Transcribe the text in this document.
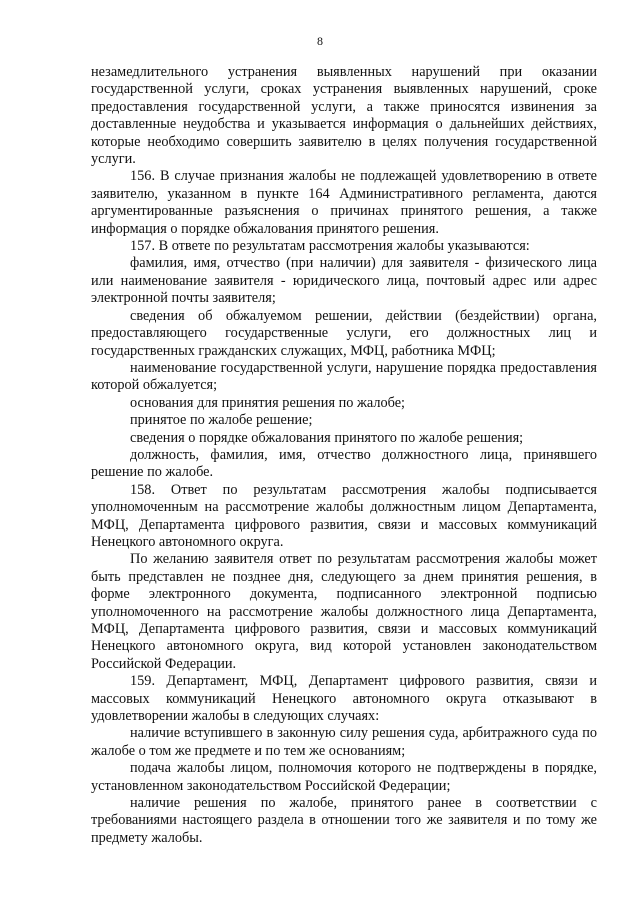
8

незамедлительного устранения выявленных нарушений при оказании государственной услуги, сроках устранения выявленных нарушений, сроке предоставления государственной услуги, а также приносятся извинения за доставленные неудобства и указывается информация о дальнейших действиях, которые необходимо совершить заявителю в целях получения государственной услуги.

156. В случае признания жалобы не подлежащей удовлетворению в ответе заявителю, указанном в пункте 164 Административного регламента, даются аргументированные разъяснения о причинах принятого решения, а также информация о порядке обжалования принятого решения.

157. В ответе по результатам рассмотрения жалобы указываются:

фамилия, имя, отчество (при наличии) для заявителя - физического лица или наименование заявителя - юридического лица, почтовый адрес или адрес электронной почты заявителя;

сведения об обжалуемом решении, действии (бездействии) органа, предоставляющего государственные услуги, его должностных лиц и государственных гражданских служащих, МФЦ, работника МФЦ;

наименование государственной услуги, нарушение порядка предоставления которой обжалуется;

основания для принятия решения по жалобе;

принятое по жалобе решение;

сведения о порядке обжалования принятого по жалобе решения;

должность, фамилия, имя, отчество должностного лица, принявшего решение по жалобе.

158. Ответ по результатам рассмотрения жалобы подписывается уполномоченным на рассмотрение жалобы должностным лицом Департамента, МФЦ, Департамента цифрового развития, связи и массовых коммуникаций Ненецкого автономного округа.

По желанию заявителя ответ по результатам рассмотрения жалобы может быть представлен не позднее дня, следующего за днем принятия решения, в форме электронного документа, подписанного электронной подписью уполномоченного на рассмотрение жалобы должностного лица Департамента, МФЦ, Департамента цифрового развития, связи и массовых коммуникаций Ненецкого автономного округа, вид которой установлен законодательством Российской Федерации.

159. Департамент, МФЦ, Департамент цифрового развития, связи и массовых коммуникаций Ненецкого автономного округа отказывают в удовлетворении жалобы в следующих случаях:

наличие вступившего в законную силу решения суда, арбитражного суда по жалобе о том же предмете и по тем же основаниям;

подача жалобы лицом, полномочия которого не подтверждены в порядке, установленном законодательством Российской Федерации;

наличие решения по жалобе, принятого ранее в соответствии с требованиями настоящего раздела в отношении того же заявителя и по тому же предмету жалобы.
